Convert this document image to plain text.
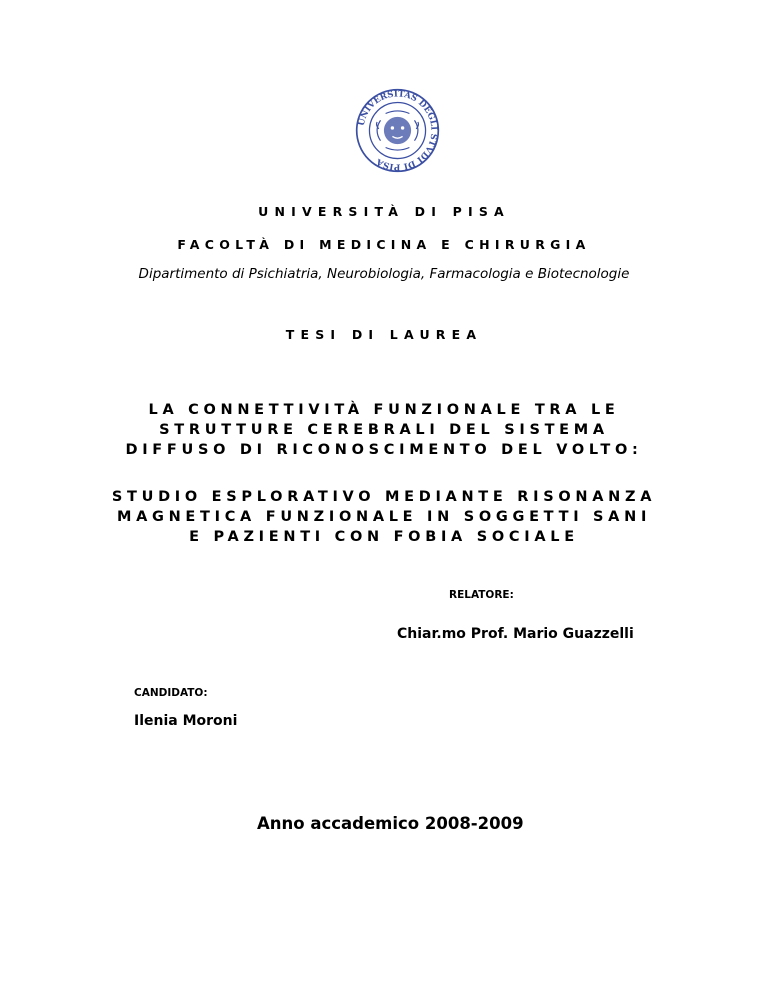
UNIVERSITAS DEGLI STVDI DI PISA
UNIVERSITÀ DI PISA
FACOLTÀ DI MEDICINA E CHIRURGIA
Dipartimento di Psichiatria, Neurobiologia, Farmacologia e Biotecnologie
TESI DI LAUREA
LA CONNETTIVITÀ FUNZIONALE TRA LE
STRUTTURE CEREBRALI DEL SISTEMA
DIFFUSO DI RICONOSCIMENTO DEL VOLTO:
STUDIO ESPLORATIVO MEDIANTE RISONANZA
MAGNETICA FUNZIONALE IN SOGGETTI SANI
E PAZIENTI CON FOBIA SOCIALE
RELATORE:
Chiar.mo Prof. Mario Guazzelli
CANDIDATO:
Ilenia Moroni
Anno accademico 2008-2009
